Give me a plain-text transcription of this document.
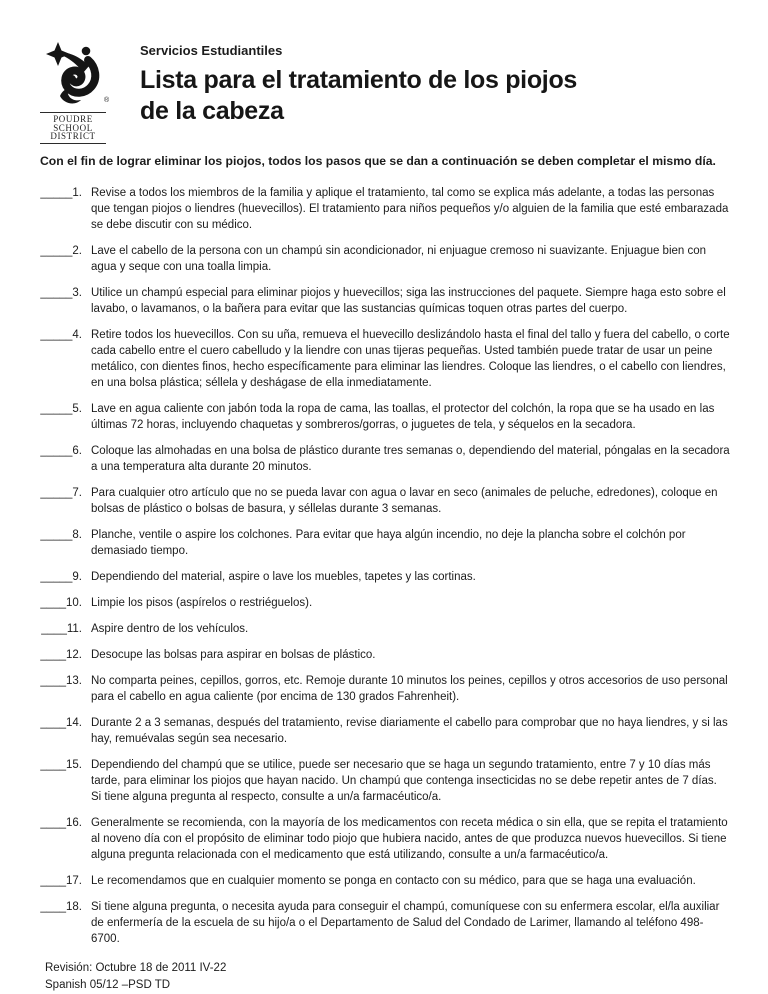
®
POUDRE
SCHOOL
DISTRICT
Servicios Estudiantiles
Lista para el tratamiento de los piojos
de la cabeza

Con el fin de lograr eliminar los piojos, todos los pasos que se dan a continuación se deben completar el mismo día.

_____1. Revise a todos los miembros de la familia y aplique el tratamiento, tal como se explica más adelante, a todas las personas que tengan piojos o liendres (huevecillos). El tratamiento para niños pequeños y/o alguien de la familia que esté embarazada se debe discutir con su médico.
_____2. Lave el cabello de la persona con un champú sin acondicionador, ni enjuague cremoso ni suavizante. Enjuague bien con agua y seque con una toalla limpia.
_____3. Utilice un champú especial para eliminar piojos y huevecillos; siga las instrucciones del paquete. Siempre haga esto sobre el lavabo, o lavamanos, o la bañera para evitar que las sustancias químicas toquen otras partes del cuerpo.
_____4. Retire todos los huevecillos. Con su uña, remueva el huevecillo deslizándolo hasta el final del tallo y fuera del cabello, o corte cada cabello entre el cuero cabelludo y la liendre con unas tijeras pequeñas. Usted también puede tratar de usar un peine metálico, con dientes finos, hecho específicamente para eliminar las liendres. Coloque las liendres, o el cabello con liendres, en una bolsa plástica; séllela y deshágase de ella inmediatamente.
_____5. Lave en agua caliente con jabón toda la ropa de cama, las toallas, el protector del colchón, la ropa que se ha usado en las últimas 72 horas, incluyendo chaquetas y sombreros/gorras, o juguetes de tela, y séquelos en la secadora.
_____6. Coloque las almohadas en una bolsa de plástico durante tres semanas o, dependiendo del material, póngalas en la secadora a una temperatura alta durante 20 minutos.
_____7. Para cualquier otro artículo que no se pueda lavar con agua o lavar en seco (animales de peluche, edredones), coloque en bolsas de plástico o bolsas de basura, y séllelas durante 3 semanas.
_____8. Planche, ventile o aspire los colchones. Para evitar que haya algún incendio, no deje la plancha sobre el colchón por demasiado tiempo.
_____9. Dependiendo del material, aspire o lave los muebles, tapetes y las cortinas.
____10. Limpie los pisos (aspírelos o restriéguelos).
____11. Aspire dentro de los vehículos.
____12. Desocupe las bolsas para aspirar en bolsas de plástico.
____13. No comparta peines, cepillos, gorros, etc. Remoje durante 10 minutos los peines, cepillos y otros accesorios de uso personal para el cabello en agua caliente (por encima de 130 grados Fahrenheit).
____14. Durante 2 a 3 semanas, después del tratamiento, revise diariamente el cabello para comprobar que no haya liendres, y si las hay, remuévalas según sea necesario.
____15. Dependiendo del champú que se utilice, puede ser necesario que se haga un segundo tratamiento, entre 7 y 10 días más tarde, para eliminar los piojos que hayan nacido. Un champú que contenga insecticidas no se debe repetir antes de 7 días. Si tiene alguna pregunta al respecto, consulte a un/a farmacéutico/a.
____16. Generalmente se recomienda, con la mayoría de los medicamentos con receta médica o sin ella, que se repita el tratamiento al noveno día con el propósito de eliminar todo piojo que hubiera nacido, antes de que produzca nuevos huevecillos. Si tiene alguna pregunta relacionada con el medicamento que está utilizando, consulte a un/a farmacéutico/a.
____17. Le recomendamos que en cualquier momento se ponga en contacto con su médico, para que se haga una evaluación.
____18. Si tiene alguna pregunta, o necesita ayuda para conseguir el champú, comuníquese con su enfermera escolar, el/la auxiliar de enfermería de la escuela de su hijo/a o el Departamento de Salud del Condado de Larimer, llamando al teléfono 498-6700.
Revisión: Octubre 18 de 2011 IV-22
Spanish 05/12 –PSD TD
